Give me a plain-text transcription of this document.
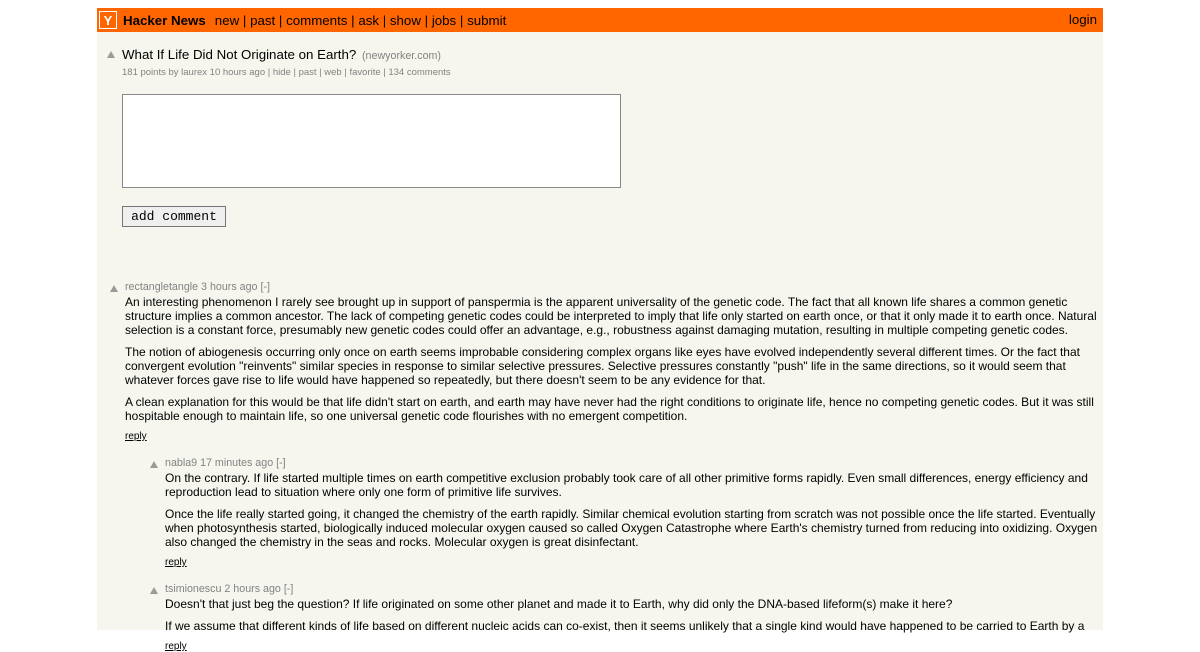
Y Hacker News new | past | comments | ask | show | jobs | submit	login
What If Life Did Not Originate on Earth? (newyorker.com)
181 points by laurex 10 hours ago | hide | past | web | favorite | 134 comments
add comment
rectangletangle 3 hours ago [-]

An interesting phenomenon I rarely see brought up in support of panspermia is the apparent universality of the genetic code. The fact that all known life shares a common genetic structure implies a common ancestor. The lack of competing genetic codes could be interpreted to imply that life only started on earth once, or that it only made it to earth once. Natural selection is a constant force, presumably new genetic codes could offer an advantage, e.g., robustness against damaging mutation, resulting in multiple competing genetic codes.

The notion of abiogenesis occurring only once on earth seems improbable considering complex organs like eyes have evolved independently several different times. Or the fact that convergent evolution "reinvents" similar species in response to similar selective pressures. Selective pressures constantly "push" life in the same directions, so it would seem that whatever forces gave rise to life would have happened so repeatedly, but there doesn't seem to be any evidence for that.

A clean explanation for this would be that life didn't start on earth, and earth may have never had the right conditions to originate life, hence no competing genetic codes. But it was still hospitable enough to maintain life, so one universal genetic code flourishes with no emergent competition.

reply
nabla9 17 minutes ago [-]

On the contrary. If life started multiple times on earth competitive exclusion probably took care of all other primitive forms rapidly. Even small differences, energy efficiency and reproduction lead to situation where only one form of primitive life survives.

Once the life really started going, it changed the chemistry of the earth rapidly. Similar chemical evolution starting from scratch was not possible once the life started. Eventually when photosynthesis started, biologically induced molecular oxygen caused so called Oxygen Catastrophe where Earth's chemistry turned from reducing into oxidizing. Oxygen also changed the chemistry in the seas and rocks. Molecular oxygen is great disinfectant.

reply
tsimionescu 2 hours ago [-]

Doesn't that just beg the question? If life originated on some other planet and made it to Earth, why did only the DNA-based lifeform(s) make it here?

If we assume that different kinds of life based on different nucleic acids can co-exist, then it seems unlikely that a single kind would have happened to be carried to Earth by a

reply
